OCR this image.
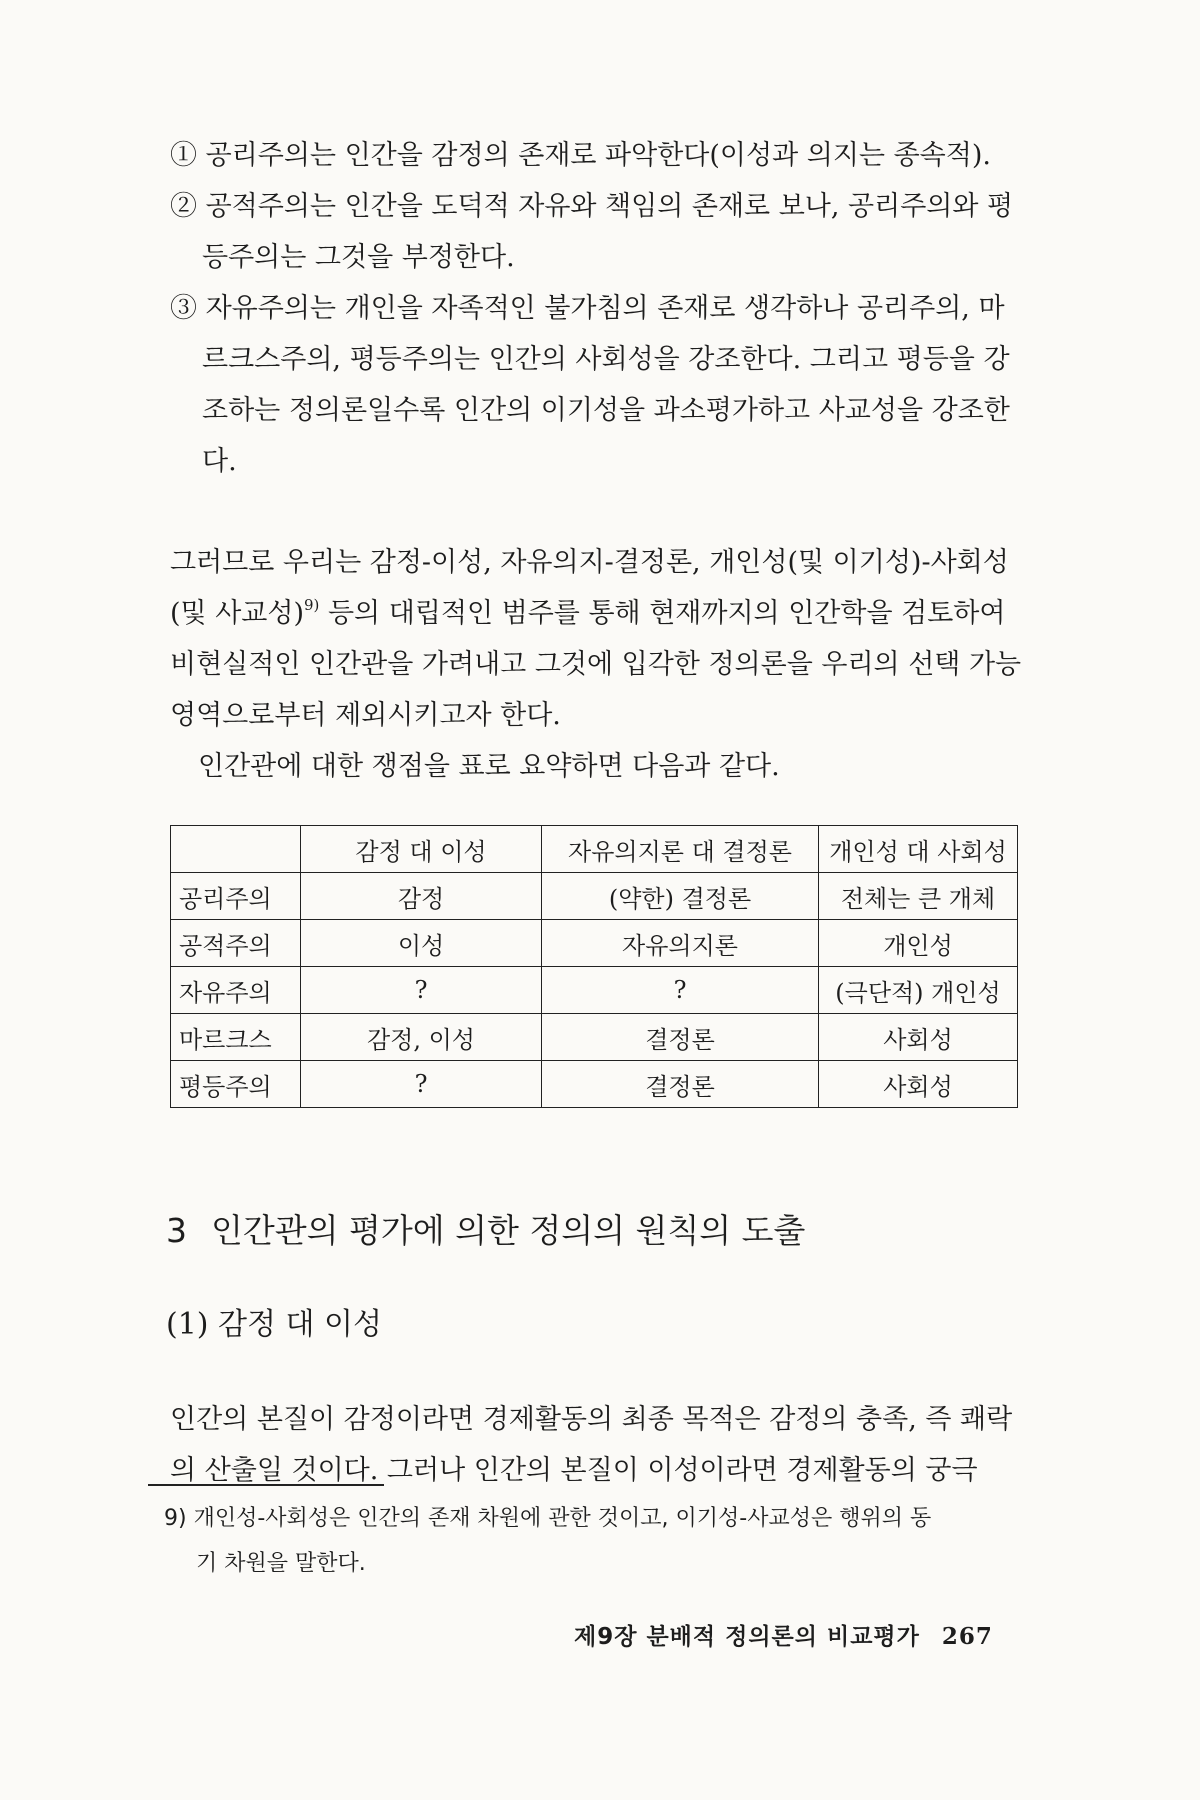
① 공리주의는 인간을 감정의 존재로 파악한다(이성과 의지는 종속적).
② 공적주의는 인간을 도덕적 자유와 책임의 존재로 보나, 공리주의와 평등주의는 그것을 부정한다.
③ 자유주의는 개인을 자족적인 불가침의 존재로 생각하나 공리주의, 마르크스주의, 평등주의는 인간의 사회성을 강조한다. 그리고 평등을 강조하는 정의론일수록 인간의 이기성을 과소평가하고 사교성을 강조한다.

그러므로 우리는 감정-이성, 자유의지-결정론, 개인성(및 이기성)-사회성(및 사교성)$^{9)}$ 등의 대립적인 범주를 통해 현재까지의 인간학을 검토하여 비현실적인 인간관을 가려내고 그것에 입각한 정의론을 우리의 선택 가능영역으로부터 제외시키고자 한다.

인간관에 대한 쟁점을 표로 요약하면 다음과 같다.

	감정 대 이성	자유의지론 대 결정론	개인성 대 사회성
공리주의	감정	(약한) 결정론	전체는 큰 개체
공적주의	이성	자유의지론	개인성
자유주의	?	?	(극단적) 개인성
마르크스	감정, 이성	결정론	사회성
평등주의	?	결정론	사회성
3 인간관의 평가에 의한 정의의 원칙의 도출
(1) 감정 대 이성

인간의 본질이 감정이라면 경제활동의 최종 목적은 감정의 충족, 즉 쾌락의 산출일 것이다. 그러나 인간의 본질이 이성이라면 경제활동의 궁극

9) 개인성-사회성은 인간의 존재 차원에 관한 것이고, 이기성-사교성은 행위의 동
기 차원을 말한다.
제9장 분배적 정의론의 비교평가 267
